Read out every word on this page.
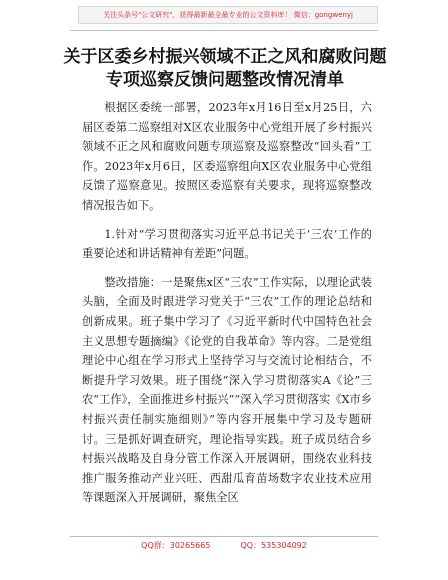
关注头条号"公文研究"，获得最新最全最专业的公文资料库！ 微信：gongwenyj
关于区委乡村振兴领域不正之风和腐败问题专项巡察反馈问题整改情况清单

根据区委统一部署，2023年x月16日至x月25日，六届区委第二巡察组对X区农业服务中心党组开展了乡村振兴领域不正之风和腐败问题专项巡察及巡察整改“回头看”工作。2023年x月6日，区委巡察组向X区农业服务中心党组反馈了巡察意见。按照区委巡察有关要求，现将巡察整改情况报告如下。

1.针对“学习贯彻落实习近平总书记关于‘三农’工作的重要论述和讲话精神有差距”问题。

整改措施：一是聚焦x区“三农”工作实际，以理论武装头脑，全面及时跟进学习党关于“三农”工作的理论总结和创新成果。班子集中学习了《习近平新时代中国特色社会主义思想专题摘编》《论党的自我革命》等内容。二是党组理论中心组在学习形式上坚持学习与交流讨论相结合，不断提升学习效果。班子围绕“深入学习贯彻落实A《论”三农“工作》，全面推进乡村振兴”“深入学习贯彻落实《X市乡村振兴责任制实施细则》”等内容开展集中学习及专题研讨。三是抓好调查研究，理论指导实践。班子成员结合乡村振兴战略及自身分管工作深入开展调研，围绕农业科技推广服务推动产业兴旺、西甜瓜育苗场数字农业技术应用等课题深入开展调研，聚焦全区

QQ群：30265665	QQ：535304092
